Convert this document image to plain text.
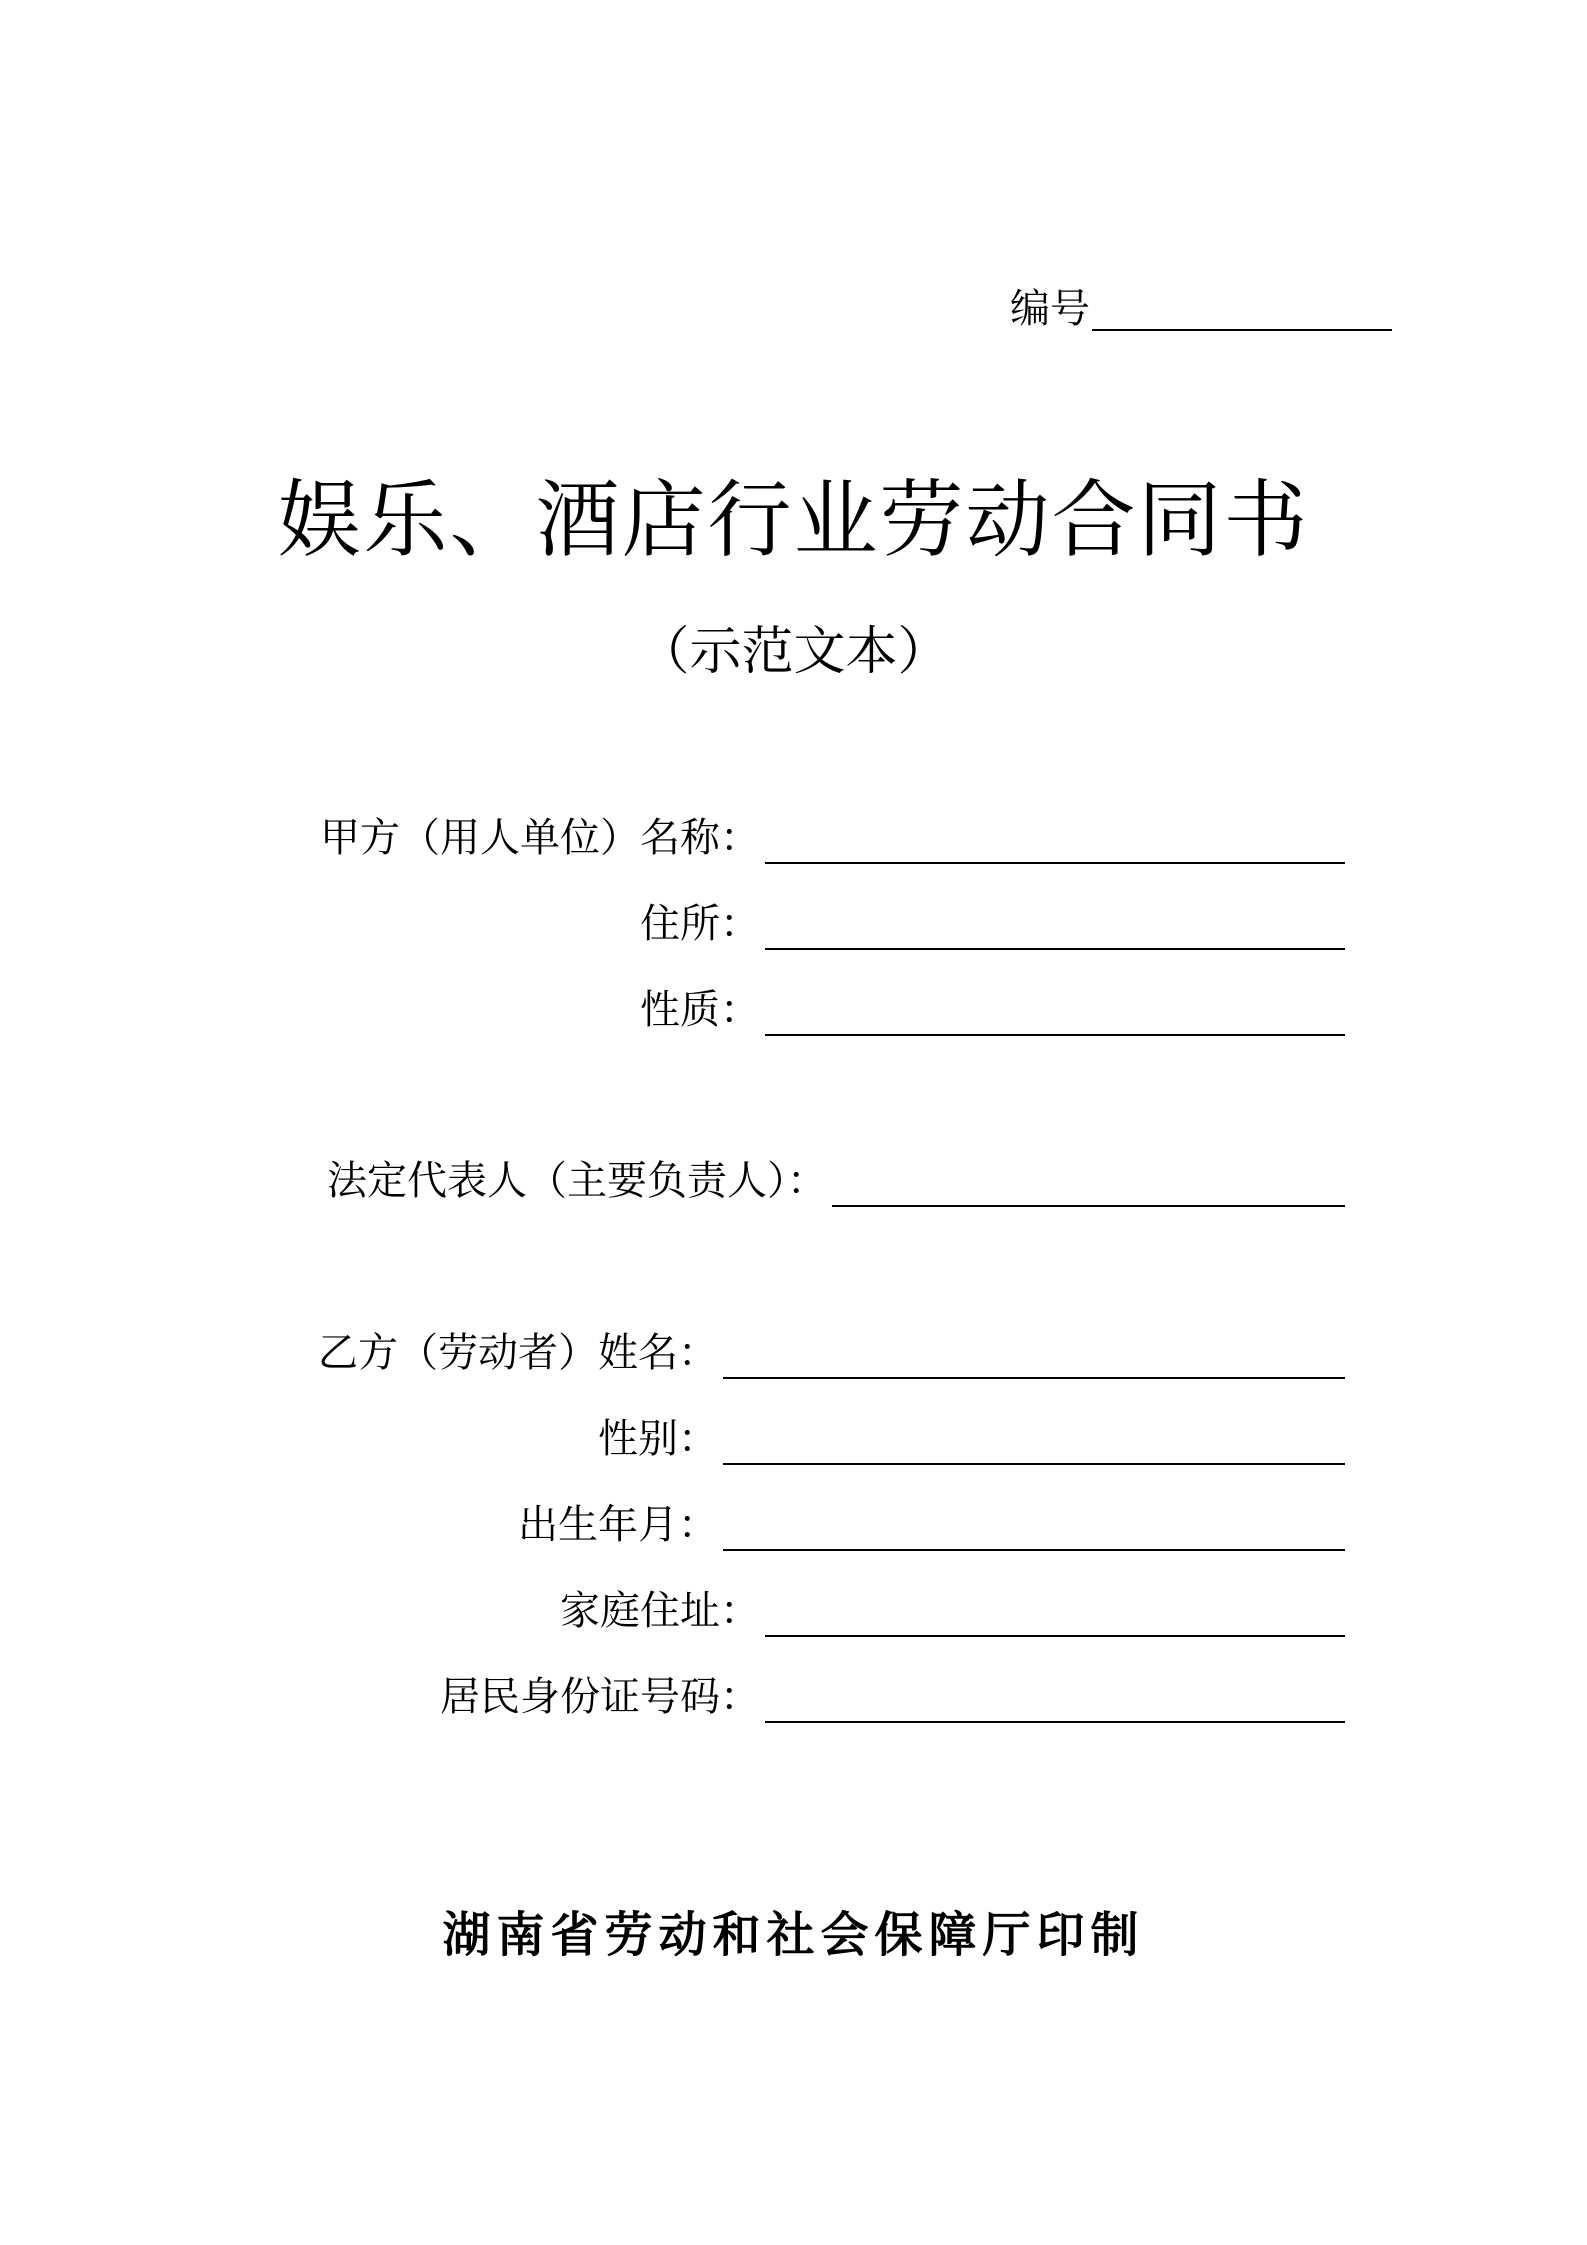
编号
娱乐、酒店行业劳动合同书
（示范文本）
甲方（用人单位）名称：
住所：
性质：
法定代表人（主要负责人）：
乙方（劳动者）姓名：
性别：
出生年月：
家庭住址：
居民身份证号码：
湖南省劳动和社会保障厅印制
